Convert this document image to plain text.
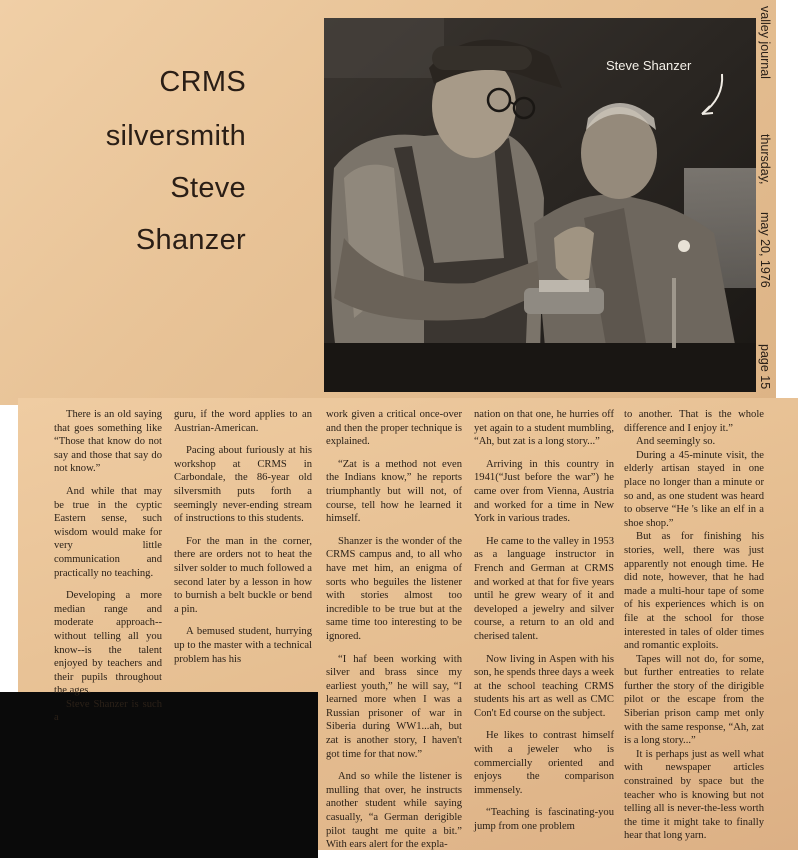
CRMS
silversmith
Steve
Shanzer
Steve Shanzer	valley journal
thursday,
may 20, 1976
page 15

There is an old saying that goes something like “Those that know do not say and those that say do not know.”

And while that may be true in the cyptic Eastern sense, such wisdom would make for very little communication and practically no teaching.

Developing a more median range and moderate approach--without telling all you know--is the talent enjoyed by teachers and their pupils throughout the ages.

Steve Shanzer is such a

guru, if the word applies to an Austrian-American.

Pacing about furiously at his workshop at CRMS in Carbondale, the 86-year old silversmith puts forth a seemingly never-ending stream of instructions to this students.

For the man in the corner, there are orders not to heat the silver solder to much followed a second later by a lesson in how to burnish a belt buckle or bend a pin.

A bemused student, hurrying up to the master with a technical problem has his

work given a critical once-over and then the proper technique is explained.

“Zat is a method not even the Indians know,” he reports triumphantly but will not, of course, tell how he learned it himself.

Shanzer is the wonder of the CRMS campus and, to all who have met him, an enigma of sorts who beguiles the listener with stories almost too incredible to be true but at the same time too interesting to be ignored.

“I haf been working with silver and brass since my earliest youth,” he will say, “I learned more when I was a Russian prisoner of war in Siberia during WW1...ah, but zat is another story, I haven't got time for that now.”

And so while the listener is mulling that over, he instructs another student while saying casually, “a German derigible pilot taught me quite a bit.” With ears alert for the expla-

nation on that one, he hurries off yet again to a student mumbling, “Ah, but zat is a long story...”

Arriving in this country in 1941(“Just before the war”) he came over from Vienna, Austria and worked for a time in New York in various trades.

He came to the valley in 1953 as a language instructor in French and German at CRMS and worked at that for five years until he grew weary of it and developed a jewelry and silver course, a return to an old and cherised talent.

Now living in Aspen with his son, he spends three days a week at the school teaching CRMS students his art as well as CMC Con't Ed course on the subject.

He likes to contrast himself with a jeweler who is commercially oriented and enjoys the comparison immensely.

“Teaching is fascinating-you jump from one problem

to another. That is the whole difference and I enjoy it.”

And seemingly so.

During a 45-minute visit, the elderly artisan stayed in one place no longer than a minute or so and, as one student was heard to observe “He 's like an elf in a shoe shop.”

But as for finishing his stories, well, there was just apparently not enough time. He did note, however, that he had made a multi-hour tape of some of his experiences which is on file at the school for those interested in tales of older times and romantic exploits.

Tapes will not do, for some, but further entreaties to relate further the story of the dirigible pilot or the escape from the Siberian prison camp met only with the same response, “Ah, zat is a long story...”

It is perhaps just as well what with newspaper articles constrained by space but the teacher who is knowing but not telling all is never-the-less worth the time it might take to finally hear that long yarn.
